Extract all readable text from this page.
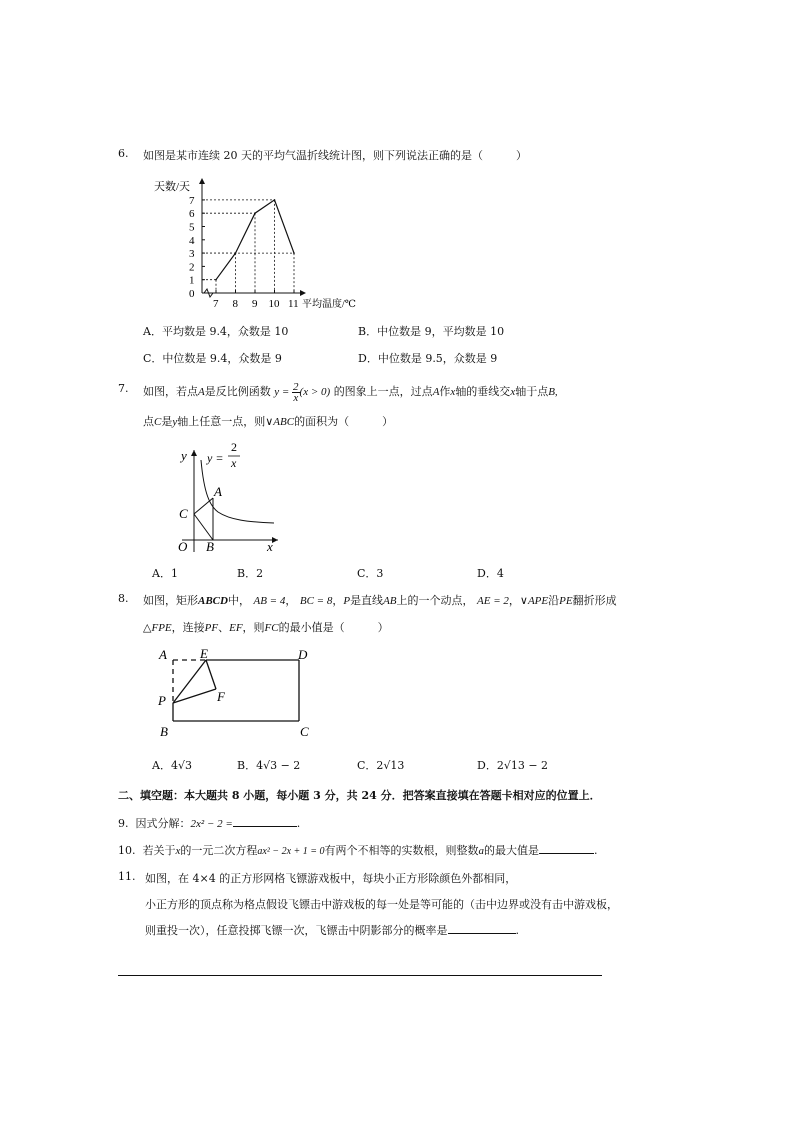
6. 如图是某市连续 20 天的平均气温折线统计图，则下列说法正确的是（　　　）
天数/天
平均温度/℃
0
1
2
3
4
5
6
7
7 8 9 10 11
A．平均数是 9.4，众数是 10	B．中位数是 9，平均数是 10
C．中位数是 9.4，众数是 9	D．中位数是 9.5，众数是 9
7. 如图，若点A是反比例函数 $y = \frac{2}{x} (x > 0)$ 的图象上一点，过点A作x轴的垂线交x轴于点B,
点C是y轴上任意一点，则∨ABC的面积为（　　　）
y y =
2
x
A
C
O B	x
A．1	B．2	C．3	D．4
8. 如图，矩形ABCD中， AB = 4， BC = 8，P是直线AB上的一个动点， AE = 2，∨APE沿PE翻折形成
△FPE，连接PF、EF，则FC的最小值是（　　　）
A	E	D
P	F
B	C
A．4√3	B．4√3 − 2	C．2√13	D．2√13 − 2
二、填空题：本大题共 8 小题，每小题 3 分，共 24 分．把答案直接填在答题卡相对应的位置上．
9. 因式分解：2x² − 2 =	.
10. 若关于x的一元二次方程ax² − 2x + 1 = 0有两个不相等的实数根，则整数a的最大值是	.
11. 如图，在 4×4 的正方形网格飞镖游戏板中，每块小正方形除颜色外都相同，
小正方形的顶点称为格点假设飞镖击中游戏板的每一处是等可能的（击中边界或没有击中游戏板，
则重投一次），任意投掷飞镖一次，飞镖击中阴影部分的概率是	.
